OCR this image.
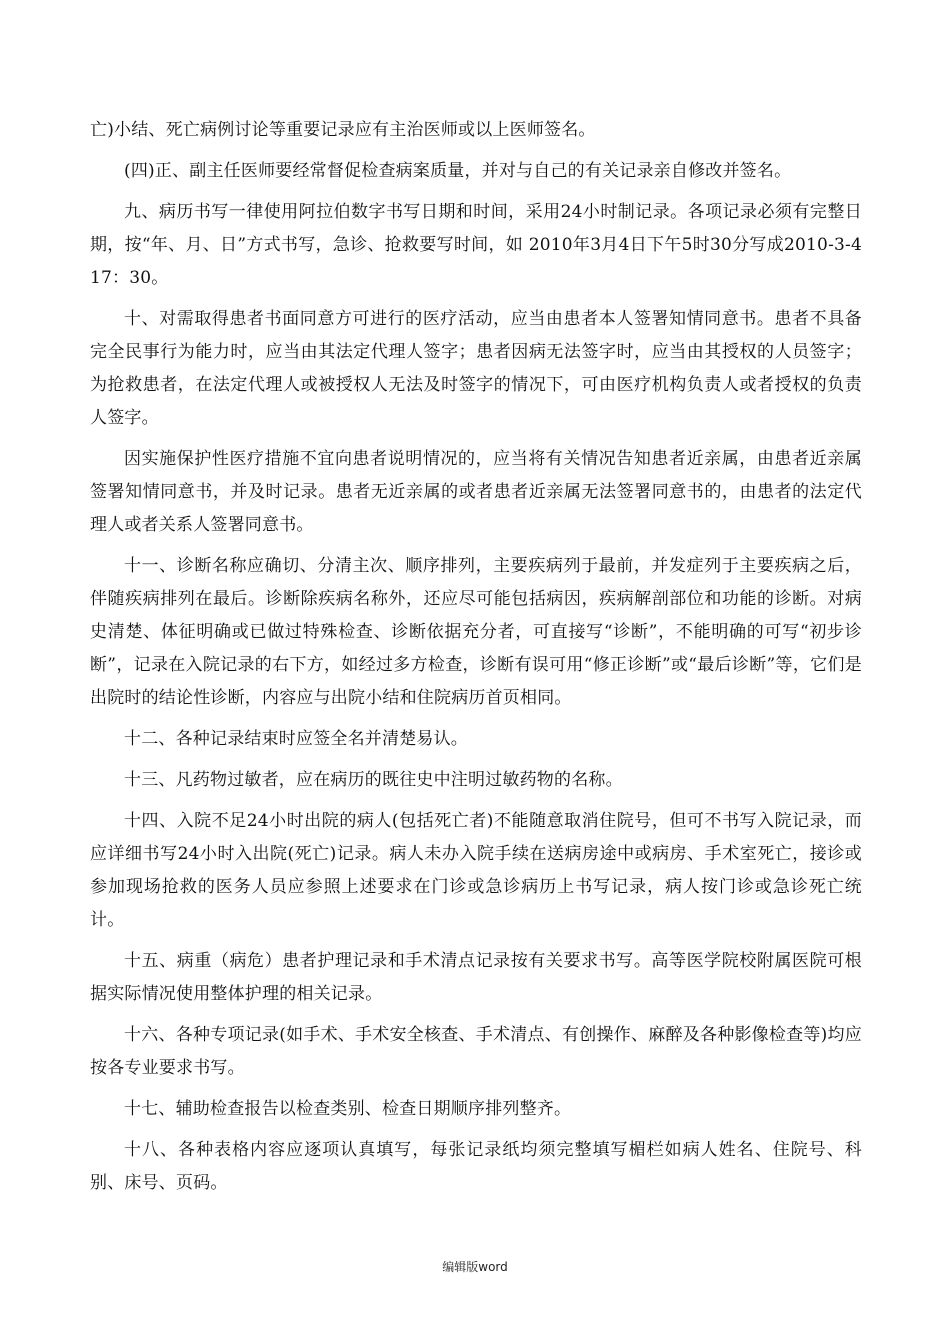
亡)小结、死亡病例讨论等重要记录应有主治医师或以上医师签名。

(四)正、副主任医师要经常督促检查病案质量，并对与自己的有关记录亲自修改并签名。

九、病历书写一律使用阿拉伯数字书写日期和时间，采用24小时制记录。各项记录必须有完整日期，按“年、月、日”方式书写，急诊、抢救要写时间，如 2010年3月4日下午5时30分写成2010-3-4　17：30。

十、对需取得患者书面同意方可进行的医疗活动，应当由患者本人签署知情同意书。患者不具备完全民事行为能力时，应当由其法定代理人签字；患者因病无法签字时，应当由其授权的人员签字；为抢救患者，在法定代理人或被授权人无法及时签字的情况下，可由医疗机构负责人或者授权的负责人签字。

因实施保护性医疗措施不宜向患者说明情况的，应当将有关情况告知患者近亲属，由患者近亲属签署知情同意书，并及时记录。患者无近亲属的或者患者近亲属无法签署同意书的，由患者的法定代理人或者关系人签署同意书。

十一、诊断名称应确切、分清主次、顺序排列，主要疾病列于最前，并发症列于主要疾病之后，伴随疾病排列在最后。诊断除疾病名称外，还应尽可能包括病因，疾病解剖部位和功能的诊断。对病史清楚、体征明确或已做过特殊检查、诊断依据充分者，可直接写“诊断”，不能明确的可写“初步诊断”，记录在入院记录的右下方，如经过多方检查，诊断有误可用“修正诊断”或“最后诊断”等，它们是出院时的结论性诊断，内容应与出院小结和住院病历首页相同。

十二、各种记录结束时应签全名并清楚易认。

十三、凡药物过敏者，应在病历的既往史中注明过敏药物的名称。

十四、入院不足24小时出院的病人(包括死亡者)不能随意取消住院号，但可不书写入院记录，而应详细书写24小时入出院(死亡)记录。病人未办入院手续在送病房途中或病房、手术室死亡，接诊或参加现场抢救的医务人员应参照上述要求在门诊或急诊病历上书写记录，病人按门诊或急诊死亡统计。

十五、病重（病危）患者护理记录和手术清点记录按有关要求书写。高等医学院校附属医院可根据实际情况使用整体护理的相关记录。

十六、各种专项记录(如手术、手术安全核查、手术清点、有创操作、麻醉及各种影像检查等)均应按各专业要求书写。

十七、辅助检查报告以检查类别、检查日期顺序排列整齐。

十八、各种表格内容应逐项认真填写，每张记录纸均须完整填写楣栏如病人姓名、住院号、科别、床号、页码。

编辑版word
